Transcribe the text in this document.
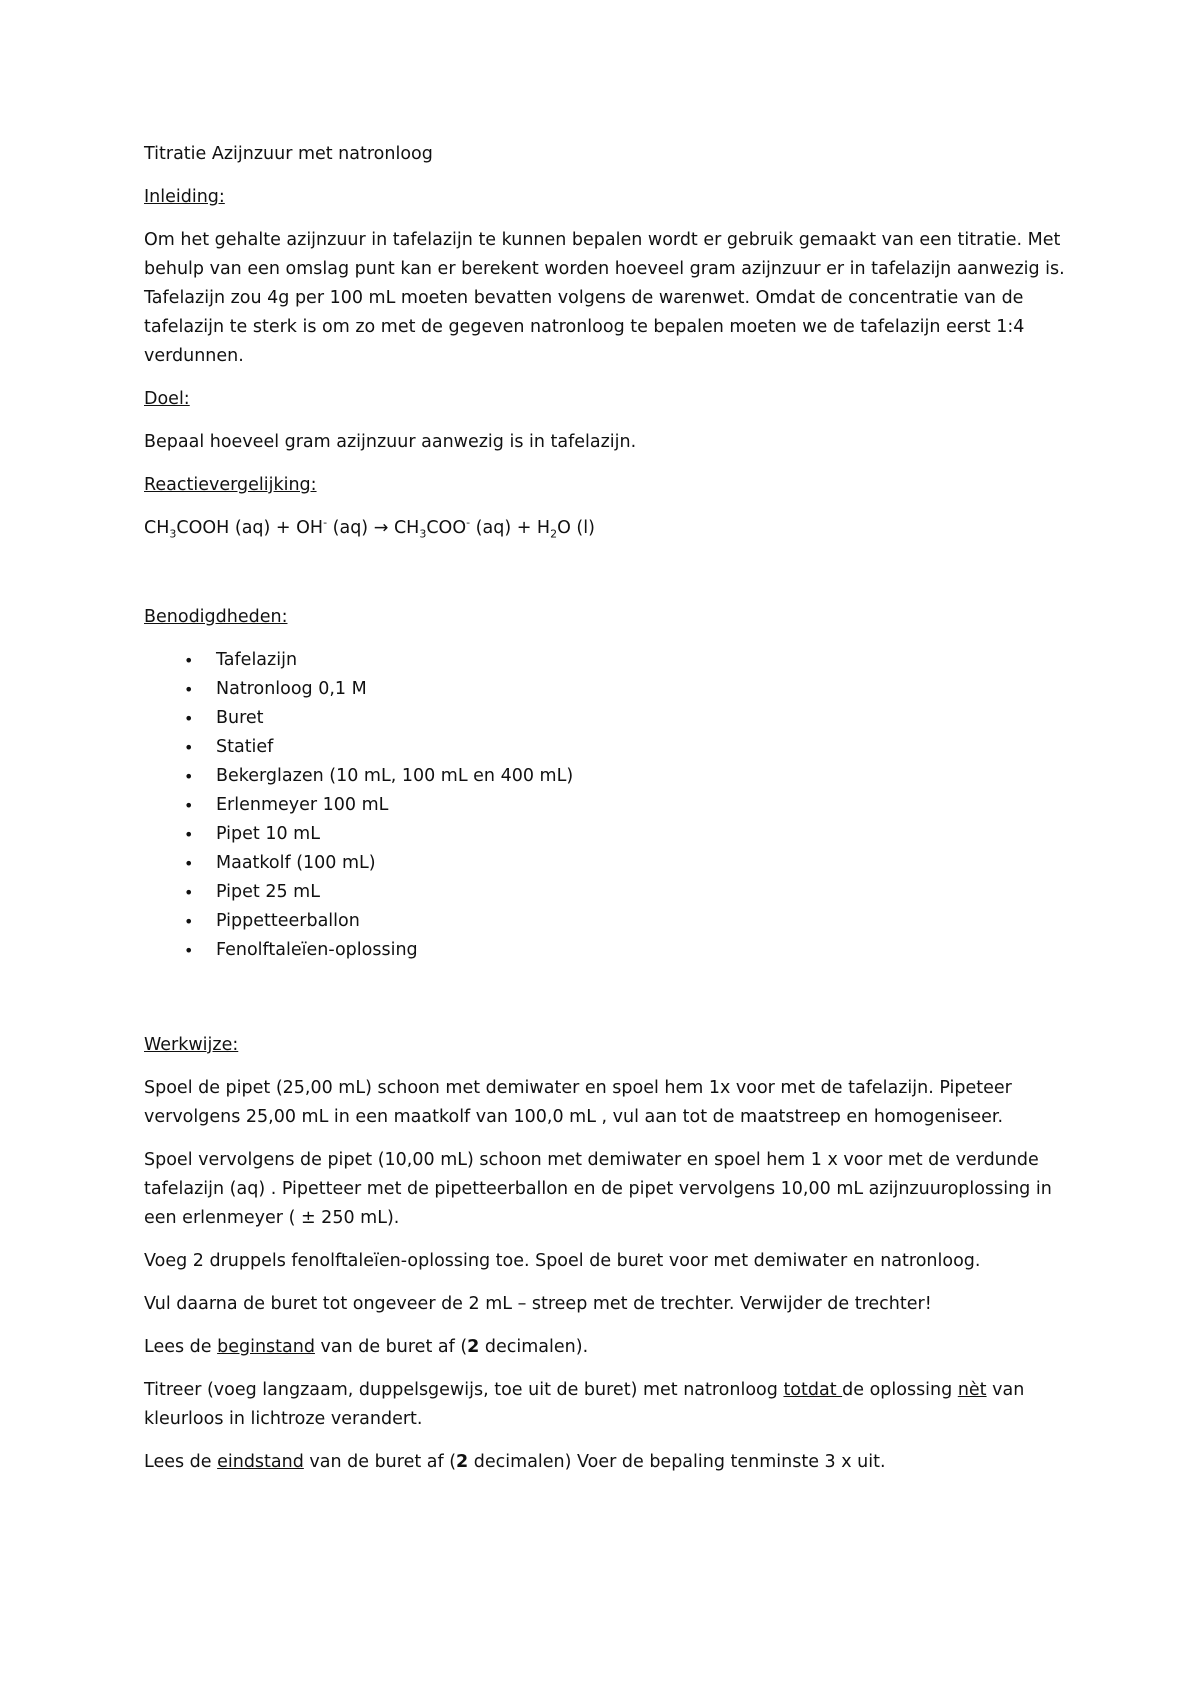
Titratie Azijnzuur met natronloog

Inleiding:

Om het gehalte azijnzuur in tafelazijn te kunnen bepalen wordt er gebruik gemaakt van een titratie. Met behulp van een omslag punt kan er berekent worden hoeveel gram azijnzuur er in tafelazijn aanwezig is. Tafelazijn zou 4g per 100 mL moeten bevatten volgens de warenwet. Omdat de concentratie van de tafelazijn te sterk is om zo met de gegeven natronloog te bepalen moeten we de tafelazijn eerst 1:4 verdunnen.

Doel:

Bepaal hoeveel gram azijnzuur aanwezig is in tafelazijn.

Reactievergelijking:

$CH_3COOH$ (aq) + OH- $(aq) \to CH_3COO^-$ $(aq) + H_2O$ (l)

Benodigdheden:

• Tafelazijn
• Natronloog 0,1 M
• Buret
• Statief
• Bekerglazen (10 mL, 100 mL en 400 mL)
• Erlenmeyer 100 mL
• Pipet 10 mL
• Maatkolf (100 mL)
• Pipet 25 mL
• Pippetteerballon
• Fenolftaleïen-oplossing

Werkwijze:

Spoel de pipet (25,00 mL) schoon met demiwater en spoel hem 1x voor met de tafelazijn. Pipeteer vervolgens 25,00 mL in een maatkolf van 100,0 mL , vul aan tot de maatstreep en homogeniseer.

Spoel vervolgens de pipet (10,00 mL) schoon met demiwater en spoel hem 1 x voor met de verdunde tafelazijn (aq) . Pipetteer met de pipetteerballon en de pipet vervolgens 10,00 mL azijnzuuroplossing in een erlenmeyer ( ± 250 mL).

Voeg 2 druppels fenolftaleïen-oplossing toe. Spoel de buret voor met demiwater en natronloog.

Vul daarna de buret tot ongeveer de 2 mL – streep met de trechter. Verwijder de trechter!

Lees de beginstand van de buret af (2 decimalen).

Titreer (voeg langzaam, duppelsgewijs, toe uit de buret) met natronloog totdat de oplossing nèt van kleurloos in lichtroze verandert.

Lees de eindstand van de buret af (2 decimalen) Voer de bepaling tenminste 3 x uit.
